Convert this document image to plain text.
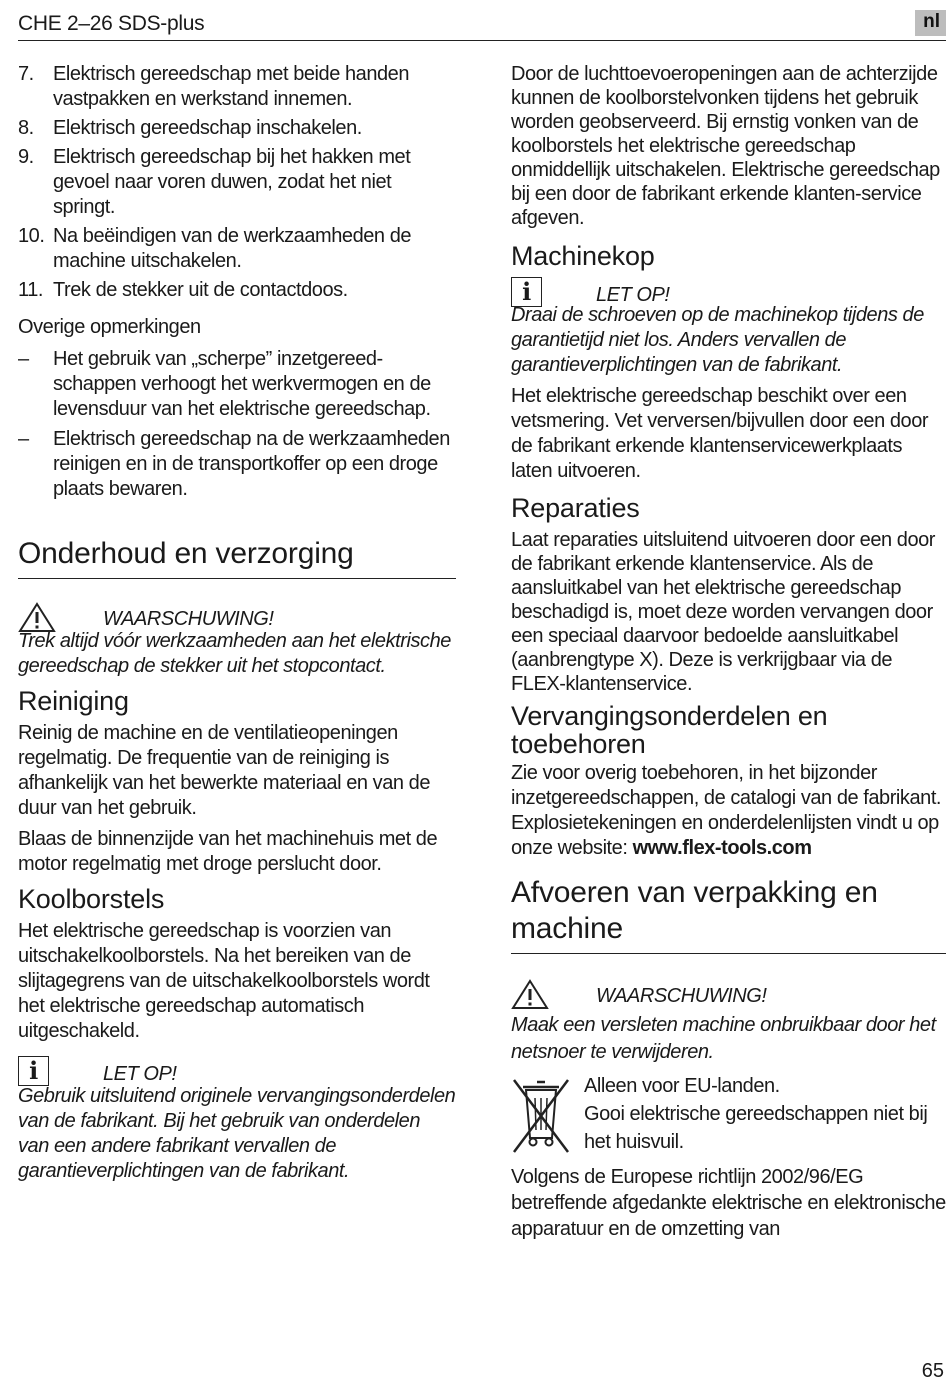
CHE 2–26 SDS-plus	nl
7. Elektrisch gereedschap met beide handen vastpakken en werkstand innemen.
8. Elektrisch gereedschap inschakelen.
9. Elektrisch gereedschap bij het hakken met gevoel naar voren duwen, zodat het niet springt.
10. Na beëindigen van de werkzaamheden de machine uitschakelen.
11. Trek de stekker uit de contactdoos.
Overige opmerkingen
– Het gebruik van „scherpe” inzetgereedschappen verhoogt het werkvermogen en de levensduur van het elektrische gereedschap.
– Elektrisch gereedschap na de werkzaamheden reinigen en in de transportkoffer op een droge plaats bewaren.
Onderhoud en verzorging
WAARSCHUWING!

Trek altijd vóór werkzaamheden aan het elektrische gereedschap de stekker uit het stopcontact.

Reiniging

Reinig de machine en de ventilatieopeningen regelmatig. De frequentie van de reiniging is afhankelijk van het bewerkte materiaal en van de duur van het gebruik.

Blaas de binnenzijde van het machinehuis met de motor regelmatig met droge perslucht door.

Koolborstels

Het elektrische gereedschap is voorzien van uitschakelkoolborstels. Na het bereiken van de slijtagegrens van de uitschakelkoolborstels wordt het elektrische gereedschap automatisch uitgeschakeld.

i	LET OP!

Gebruik uitsluitend originele vervangingsonderdelen van de fabrikant. Bij het gebruik van onderdelen van een andere fabrikant vervallen de garantieverplichtingen van de fabrikant.

Door de luchttoevoeropeningen aan de achterzijde kunnen de koolborstelvonken tijdens het gebruik worden geobserveerd. Bij ernstig vonken van de koolborstels het elektrische gereedschap onmiddellijk uitschakelen. Elektrische gereedschap bij een door de fabrikant erkende klanten-service afgeven.

Machinekop
i	LET OP!

Draai de schroeven op de machinekop tijdens de garantietijd niet los. Anders vervallen de garantieverplichtingen van de fabrikant.

Het elektrische gereedschap beschikt over een vetsmering. Vet verversen/bijvullen door een door de fabrikant erkende klantenservicewerkplaats laten uitvoeren.

Reparaties

Laat reparaties uitsluitend uitvoeren door een door de fabrikant erkende klantenservice. Als de aansluitkabel van het elektrische gereedschap beschadigd is, moet deze worden vervangen door een speciaal daarvoor bedoelde aansluitkabel (aanbrengtype X). Deze is verkrijgbaar via de FLEX-klantenservice.

Vervangingsonderdelen en toebehoren

Zie voor overig toebehoren, in het bijzonder inzetgereedschappen, de catalogi van de fabrikant.

Explosietekeningen en onderdelenlijsten vindt u op onze website: www.flex-tools.com

Afvoeren van verpakking en machine
WAARSCHUWING!

Maak een versleten machine onbruikbaar door het netsnoer te verwijderen.

Alleen voor EU-landen.
Gooi elektrische gereedschappen niet bij het huisvuil.

Volgens de Europese richtlijn 2002/96/EG betreffende afgedankte elektrische en elektronische apparatuur en de omzetting van

65
